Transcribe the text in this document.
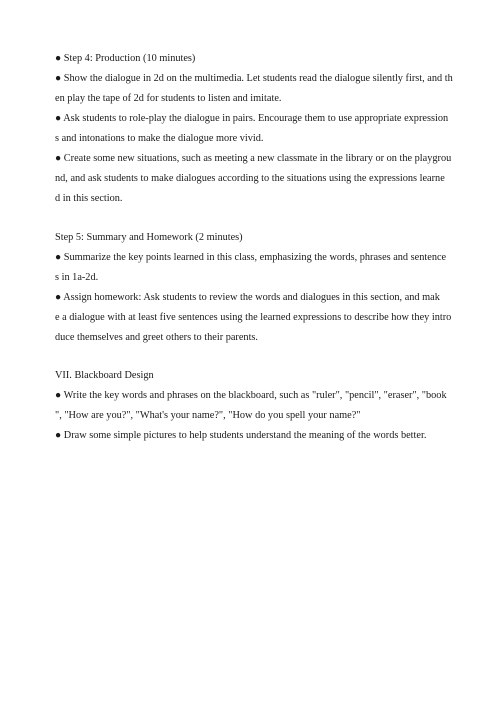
● Step 4: Production (10 minutes)

● Show the dialogue in 2d on the multimedia. Let students read the dialogue silently first, and th

en play the tape of 2d for students to listen and imitate.

● Ask students to role-play the dialogue in pairs. Encourage them to use appropriate expression

s and intonations to make the dialogue more vivid.

● Create some new situations, such as meeting a new classmate in the library or on the playgrou

nd, and ask students to make dialogues according to the situations using the expressions learne

d in this section.

Step 5: Summary and Homework (2 minutes)

● Summarize the key points learned in this class, emphasizing the words, phrases and sentence

s in 1a-2d.

● Assign homework: Ask students to review the words and dialogues in this section, and mak

e a dialogue with at least five sentences using the learned expressions to describe how they intro

duce themselves and greet others to their parents.

VII. Blackboard Design

● Write the key words and phrases on the blackboard, such as "ruler", "pencil", "eraser", "book

", "How are you?", "What's your name?", "How do you spell your name?"

● Draw some simple pictures to help students understand the meaning of the words better.
